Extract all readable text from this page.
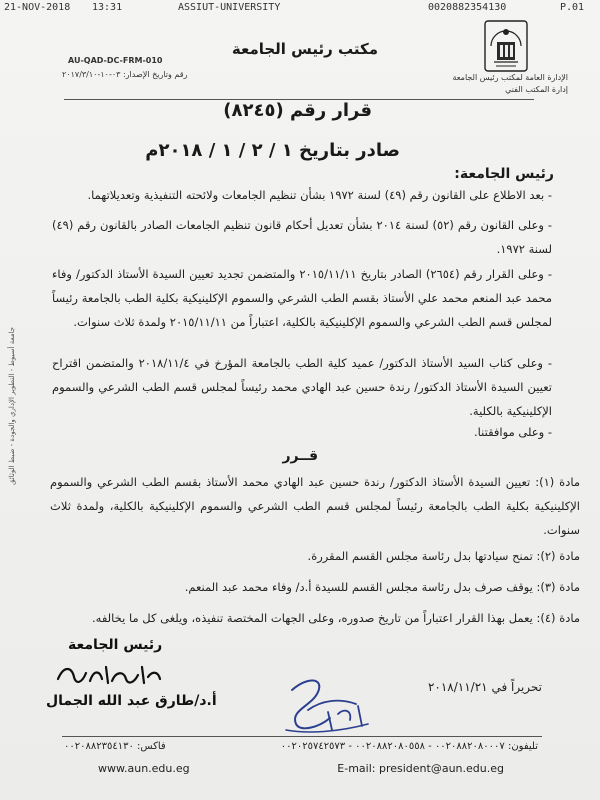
21-NOV-2018 13:31	ASSIUT-UNIVERSITY	0020882354130	P.01
مكتب رئيس الجامعة
AU-QAD-DC-FRM-010
رقم وتاريخ الإصدار: ٠٣-١٠-٢٠١٧/٣/١٠	الإدارة العامة لمكتب رئيس الجامعة
إدارة المكتب الفني
قرار رقم (٨٢٤٥)
صادر بتاريخ ١ / ٢ / ١ / ٢٠١٨م
رئيس الجامعة:
- بعد الاطلاع على القانون رقم (٤٩) لسنة ١٩٧٢ بشأن تنظيم الجامعات ولائحته التنفيذية وتعديلاتهما.
- وعلى القانون رقم (٥٢) لسنة ٢٠١٤ بشأن تعديل أحكام قانون تنظيم الجامعات الصادر بالقانون رقم (٤٩) لسنة ١٩٧٢.
- وعلى القرار رقم (٢٦٥٤) الصادر بتاريخ ٢٠١٥/١١/١١ والمتضمن تجديد تعيين السيدة الأستاذ الدكتور/ وفاء محمد عبد المنعم محمد علي الأستاذ بقسم الطب الشرعي والسموم الإكلينيكية بكلية الطب بالجامعة رئيساً لمجلس قسم الطب الشرعي والسموم الإكلينيكية بالكلية، اعتباراً من ٢٠١٥/١١/١١ ولمدة ثلاث سنوات.
- وعلى كتاب السيد الأستاذ الدكتور/ عميد كلية الطب بالجامعة المؤرخ في ٢٠١٨/١١/٤ والمتضمن اقتراح تعيين السيدة الأستاذ الدكتور/ رندة حسين عبد الهادي محمد رئيساً لمجلس قسم الطب الشرعي والسموم الإكلينيكية بالكلية.
- وعلى موافقتنا.
قــرر
مادة (١): تعيين السيدة الأستاذ الدكتور/ رندة حسين عبد الهادي محمد الأستاذ بقسم الطب الشرعي والسموم الإكلينيكية بكلية الطب بالجامعة رئيساً لمجلس قسم الطب الشرعي والسموم الإكلينيكية بالكلية، ولمدة ثلاث سنوات.
مادة (٢): تمنح سيادتها بدل رئاسة مجلس القسم المقررة.
مادة (٣): يوقف صرف بدل رئاسة مجلس القسم للسيدة أ.د/ وفاء محمد عبد المنعم.
مادة (٤): يعمل بهذا القرار اعتباراً من تاريخ صدوره، وعلى الجهات المختصة تنفيذه، ويلغى كل ما يخالفه.
رئيس الجامعة
أ.د/طارق عبد الله الجمال
تحريراً في ٢٠١٨/١١/٢١
فاكس: ٠٠٢٠٨٨٢٣٥٤١٣٠	تليفون: ٠٠٢٠٨٨٢٠٨٠٠٠٧ - ٠٠٢٠٨٨٢٠٨٠٥٥٨ - ٠٠٢٠٢٥٧٤٢٥٧٣
www.aun.edu.eg	E-mail: president@aun.edu.eg
جامعة أسيوط - التطوير الإداري والجودة - ضبط الوثائق
